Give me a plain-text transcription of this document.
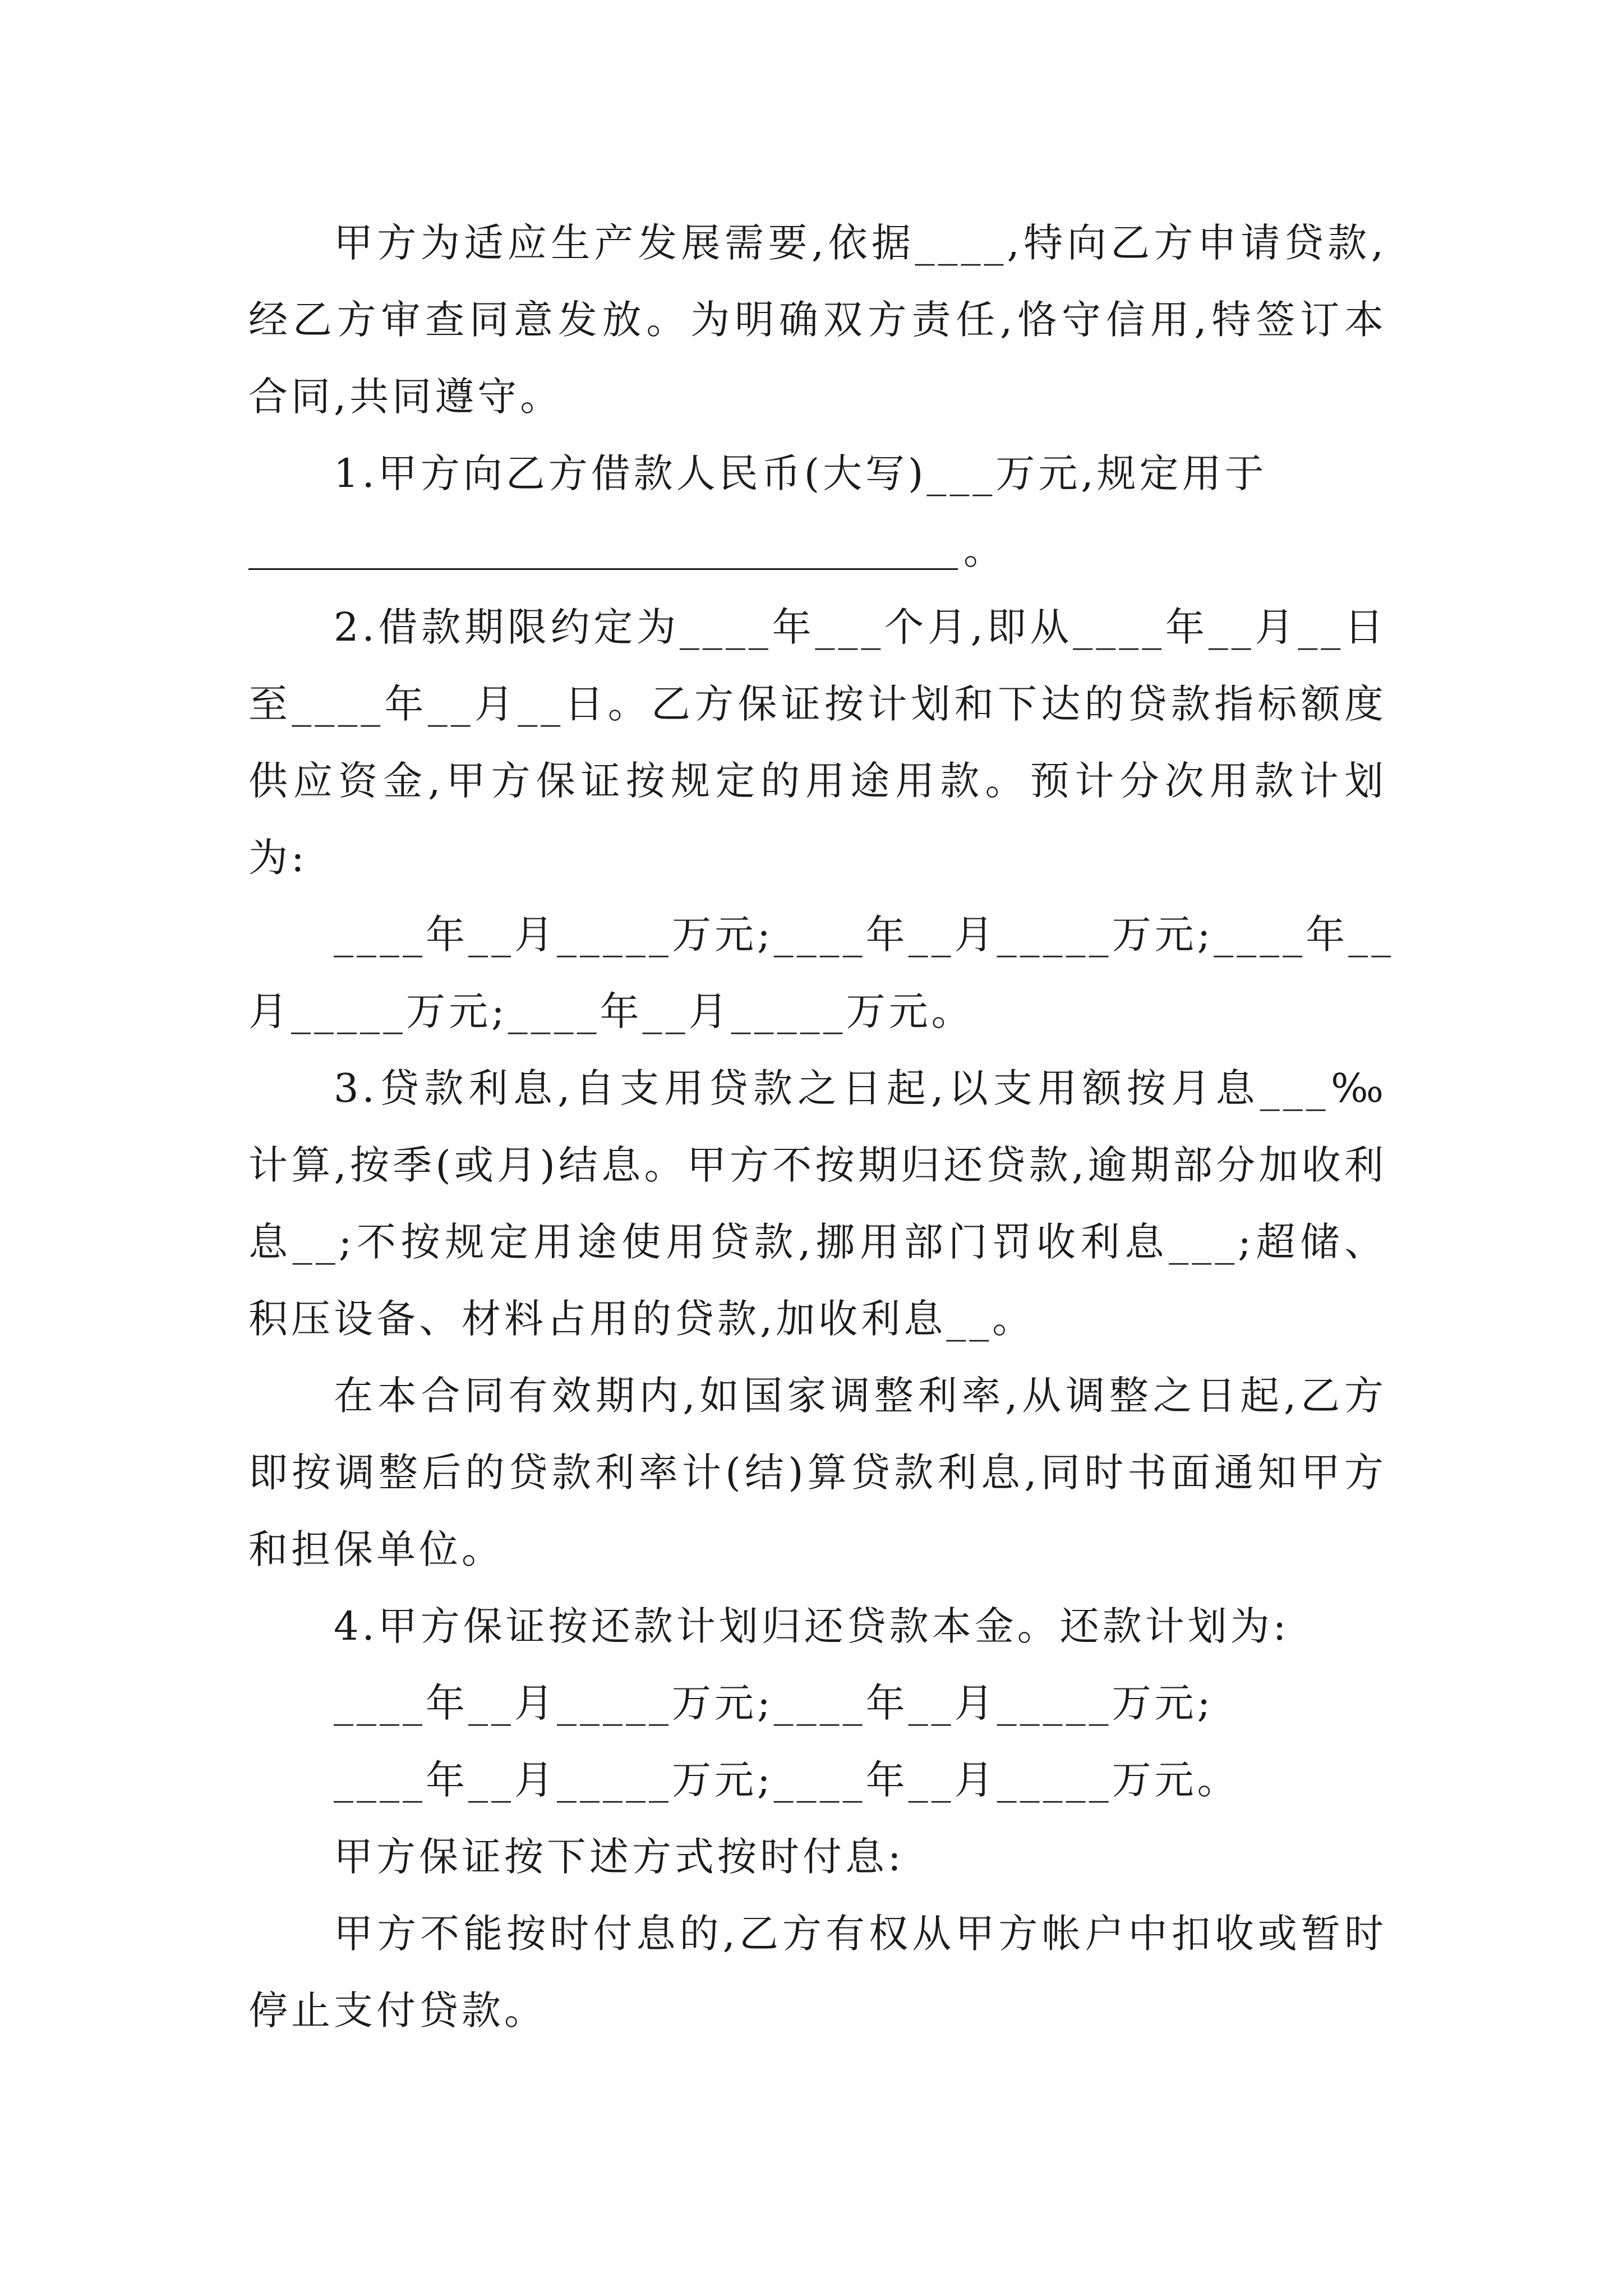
甲方为适应生产发展需要,依据____,特向乙方申请贷款,经乙方审查同意发放。为明确双方责任,恪守信用,特签订本合同,共同遵守。

1.甲方向乙方借款人民币(大写)___万元,规定用于

。

2.借款期限约定为____年___个月,即从____年__月__日至____年__月__日。乙方保证按计划和下达的贷款指标额度供应资金,甲方保证按规定的用途用款。预计分次用款计划为:

____年__月_____万元;____年__月_____万元;____年__

月_____万元;____年__月_____万元。

3.贷款利息,自支用贷款之日起,以支用额按月息___‰计算,按季(或月)结息。甲方不按期归还贷款,逾期部分加收利息__;不按规定用途使用贷款,挪用部门罚收利息___;超储、积压设备、材料占用的贷款,加收利息__。

在本合同有效期内,如国家调整利率,从调整之日起,乙方即按调整后的贷款利率计(结)算贷款利息,同时书面通知甲方和担保单位。

4.甲方保证按还款计划归还贷款本金。还款计划为:

____年__月_____万元;____年__月_____万元;

____年__月_____万元;____年__月_____万元。

甲方保证按下述方式按时付息:

甲方不能按时付息的,乙方有权从甲方帐户中扣收或暂时停止支付贷款。
